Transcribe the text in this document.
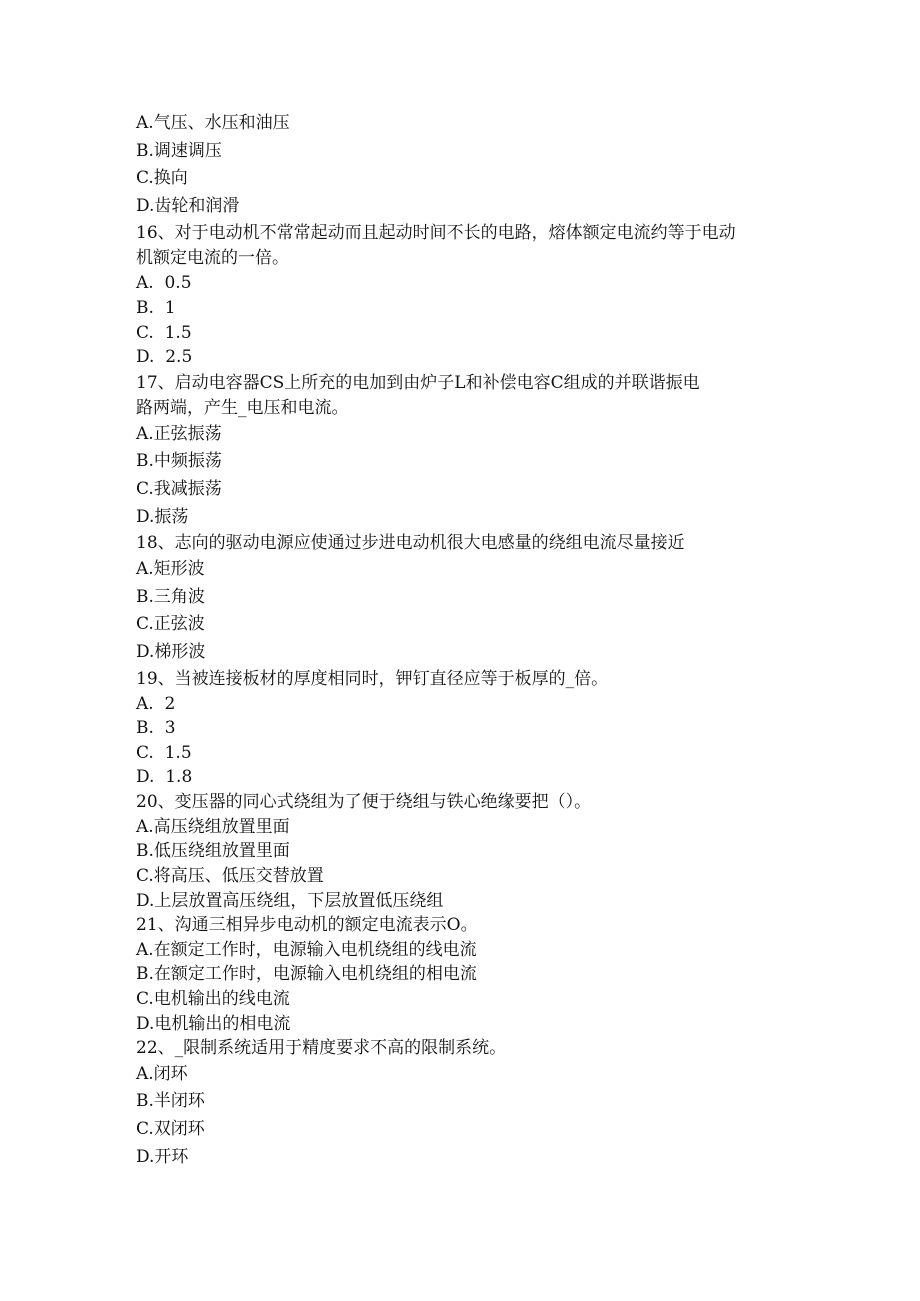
A.气压、水压和油压
B.调速调压
C.换向
D.齿轮和润滑
16、对于电动机不常常起动而且起动时间不长的电路，熔体额定电流约等于电动
机额定电流的一倍。
A.  0.5
B.  1
C.  1.5
D.  2.5
17、启动电容器CS上所充的电加到由炉子L和补偿电容C组成的并联谐振电
路两端，产生_电压和电流。
A.正弦振荡
B.中频振荡
C.我减振荡
D.振荡
18、志向的驱动电源应使通过步进电动机很大电感量的绕组电流尽量接近
A.矩形波
B.三角波
C.正弦波
D.梯形波
19、当被连接板材的厚度相同时，钾钉直径应等于板厚的_倍。
A.  2
B.  3
C.  1.5
D.  1.8
20、变压器的同心式绕组为了便于绕组与铁心绝缘要把（）。
A.高压绕组放置里面
B.低压绕组放置里面
C.将高压、低压交替放置
D.上层放置高压绕组，下层放置低压绕组
21、沟通三相异步电动机的额定电流表示O。
A.在额定工作时，电源输入电机绕组的线电流
B.在额定工作时，电源输入电机绕组的相电流
C.电机输出的线电流
D.电机输出的相电流
22、_限制系统适用于精度要求不高的限制系统。
A.闭环
B.半闭环
C.双闭环
D.开环
